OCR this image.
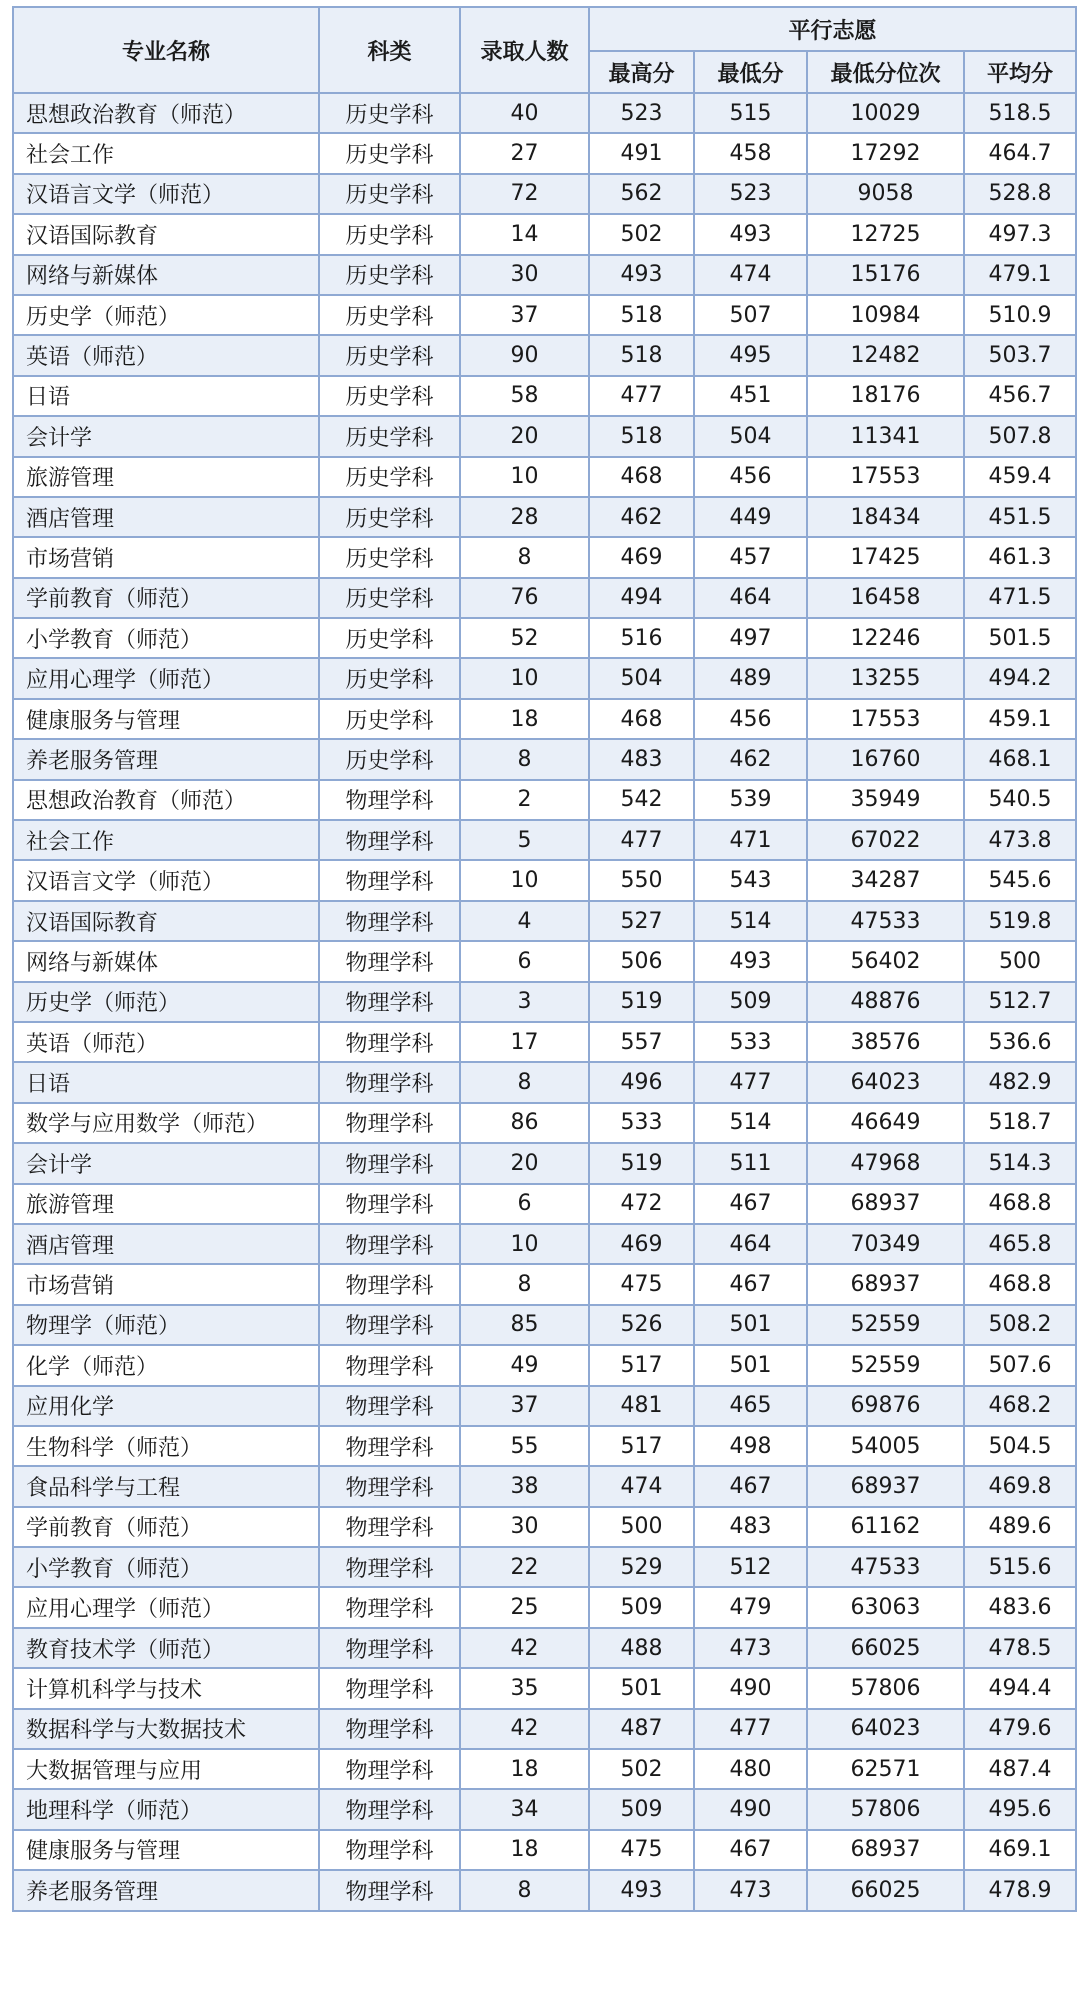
专业名称	科类	录取人数	平行志愿			
			最高分	最低分	最低分位次	平均分
思想政治教育（师范）	历史学科	40	523	515	10029	518.5
社会工作	历史学科	27	491	458	17292	464.7
汉语言文学（师范）	历史学科	72	562	523	9058	528.8
汉语国际教育	历史学科	14	502	493	12725	497.3
网络与新媒体	历史学科	30	493	474	15176	479.1
历史学（师范）	历史学科	37	518	507	10984	510.9
英语（师范）	历史学科	90	518	495	12482	503.7
日语	历史学科	58	477	451	18176	456.7
会计学	历史学科	20	518	504	11341	507.8
旅游管理	历史学科	10	468	456	17553	459.4
酒店管理	历史学科	28	462	449	18434	451.5
市场营销	历史学科	8	469	457	17425	461.3
学前教育（师范）	历史学科	76	494	464	16458	471.5
小学教育（师范）	历史学科	52	516	497	12246	501.5
应用心理学（师范）	历史学科	10	504	489	13255	494.2
健康服务与管理	历史学科	18	468	456	17553	459.1
养老服务管理	历史学科	8	483	462	16760	468.1
思想政治教育（师范）	物理学科	2	542	539	35949	540.5
社会工作	物理学科	5	477	471	67022	473.8
汉语言文学（师范）	物理学科	10	550	543	34287	545.6
汉语国际教育	物理学科	4	527	514	47533	519.8
网络与新媒体	物理学科	6	506	493	56402	500
历史学（师范）	物理学科	3	519	509	48876	512.7
英语（师范）	物理学科	17	557	533	38576	536.6
日语	物理学科	8	496	477	64023	482.9
数学与应用数学（师范）	物理学科	86	533	514	46649	518.7
会计学	物理学科	20	519	511	47968	514.3
旅游管理	物理学科	6	472	467	68937	468.8
酒店管理	物理学科	10	469	464	70349	465.8
市场营销	物理学科	8	475	467	68937	468.8
物理学（师范）	物理学科	85	526	501	52559	508.2
化学（师范）	物理学科	49	517	501	52559	507.6
应用化学	物理学科	37	481	465	69876	468.2
生物科学（师范）	物理学科	55	517	498	54005	504.5
食品科学与工程	物理学科	38	474	467	68937	469.8
学前教育（师范）	物理学科	30	500	483	61162	489.6
小学教育（师范）	物理学科	22	529	512	47533	515.6
应用心理学（师范）	物理学科	25	509	479	63063	483.6
教育技术学（师范）	物理学科	42	488	473	66025	478.5
计算机科学与技术	物理学科	35	501	490	57806	494.4
数据科学与大数据技术	物理学科	42	487	477	64023	479.6
大数据管理与应用	物理学科	18	502	480	62571	487.4
地理科学（师范）	物理学科	34	509	490	57806	495.6
健康服务与管理	物理学科	18	475	467	68937	469.1
养老服务管理	物理学科	8	493	473	66025	478.9
